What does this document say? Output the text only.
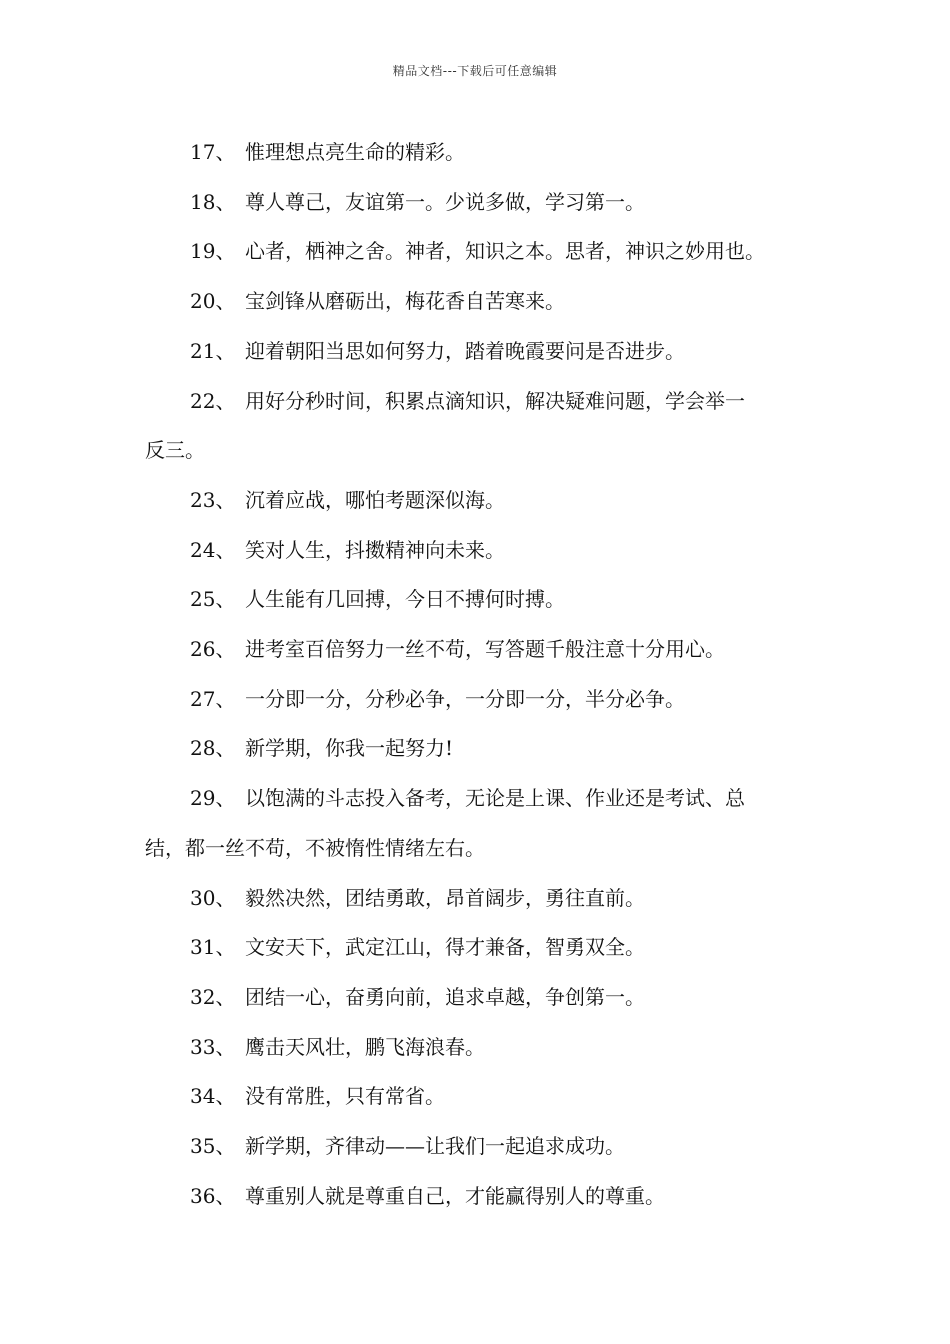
精品文档---下载后可任意编辑
17、 惟理想点亮生命的精彩。
18、 尊人尊己，友谊第一。少说多做，学习第一。
19、 心者，栖神之舍。神者，知识之本。思者，神识之妙用也。
20、 宝剑锋从磨砺出，梅花香自苦寒来。
21、 迎着朝阳当思如何努力，踏着晚霞要问是否进步。
22、 用好分秒时间，积累点滴知识，解决疑难问题，学会举一
反三。
23、 沉着应战，哪怕考题深似海。
24、 笑对人生，抖擞精神向未来。
25、 人生能有几回搏，今日不搏何时搏。
26、 进考室百倍努力一丝不苟，写答题千般注意十分用心。
27、 一分即一分，分秒必争，一分即一分，半分必争。
28、 新学期，你我一起努力!
29、 以饱满的斗志投入备考，无论是上课、作业还是考试、总
结，都一丝不苟，不被惰性情绪左右。
30、 毅然决然，团结勇敢，昂首阔步，勇往直前。
31、 文安天下，武定江山，得才兼备，智勇双全。
32、 团结一心，奋勇向前，追求卓越，争创第一。
33、 鹰击天风壮，鹏飞海浪春。
34、 没有常胜，只有常省。
35、 新学期，齐律动——让我们一起追求成功。
36、 尊重别人就是尊重自己，才能赢得别人的尊重。
